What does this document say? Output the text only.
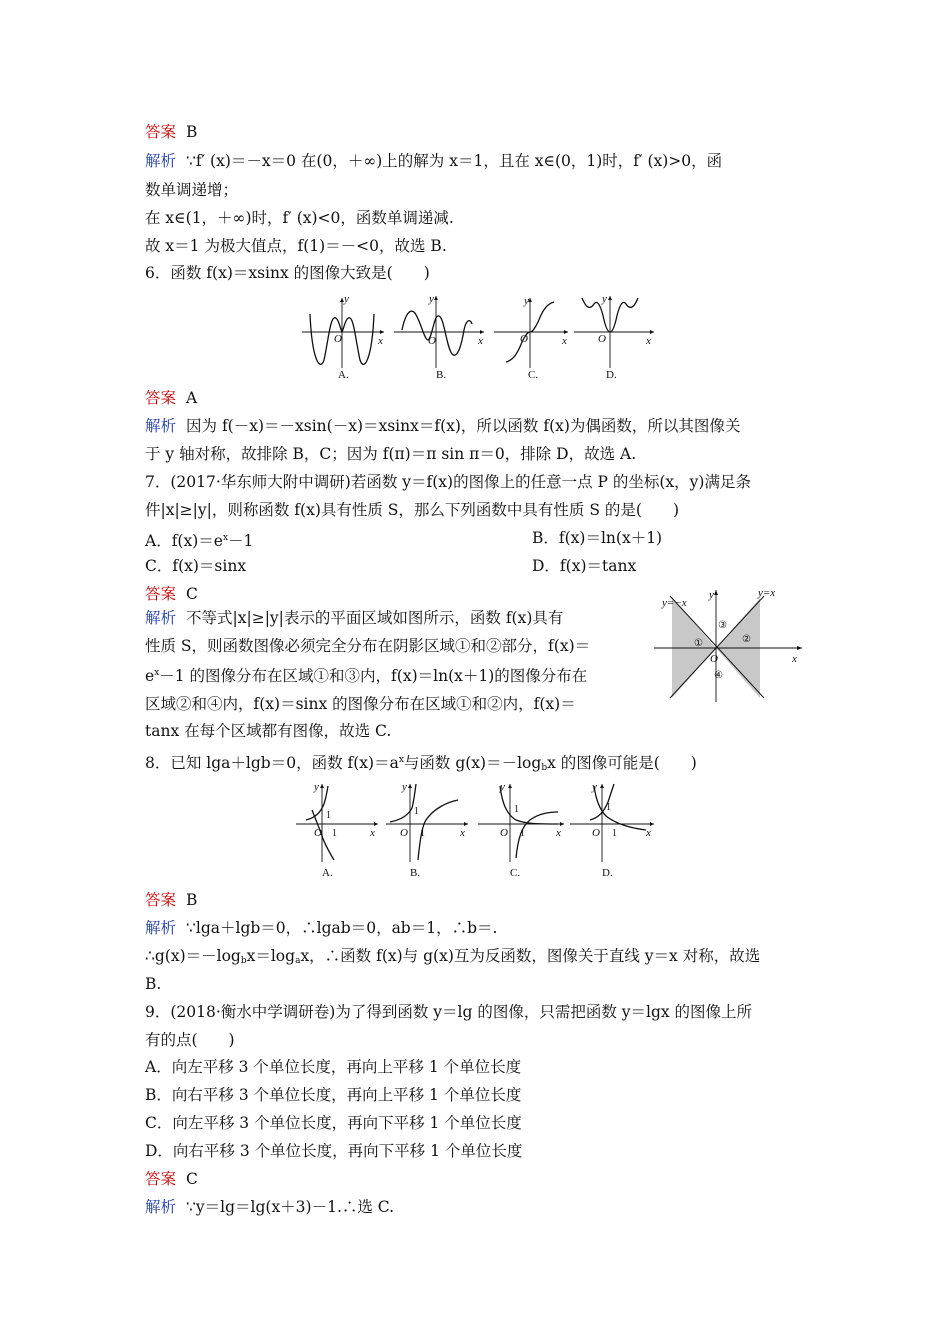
答案 B
解析 ∵f′ (x)＝－x＝0 在(0，＋∞)上的解为 x＝1，且在 x∈(0，1)时，f′ (x)>0，函
数单调递增；
在 x∈(1，＋∞)时，f′ (x)<0，函数单调递减.
故 x＝1 为极大值点，f(1)＝－<0，故选 B.
6．函数 f(x)＝xsinx 的图像大致是(　　)
y
x
O
A.
y
x
O
B.
y
x
O
C.
y
x
O
D.
答案 A
解析 因为 f(－x)＝－xsin(－x)＝xsinx＝f(x)，所以函数 f(x)为偶函数，所以其图像关
于 y 轴对称，故排除 B，C；因为 f(π)＝π sin π＝0，排除 D，故选 A.
7．(2017·华东师大附中调研)若函数 y＝f(x)的图像上的任意一点 P 的坐标(x，y)满足条
件|x|≥|y|，则称函数 f(x)具有性质 S，那么下列函数中具有性质 S 的是(　　)
A．$f(x)=e^x-1$	B．f(x)＝ln(x＋1)
C．f(x)＝sinx	D．f(x)＝tanx
答案 C
解析 不等式|x|≥|y|表示的平面区域如图所示，函数 f(x)具有
性质 S，则函数图像必须完全分布在阴影区域①和②部分，f(x)＝
$e^x-1$ 的图像分布在区域①和③内，f(x)＝ln(x＋1)的图像分布在
区域②和④内，f(x)＝sinx 的图像分布在区域①和②内，f(x)＝
tanx 在每个区域都有图像，故选 C.
y=−x
y=x
y
x
O
①	②
③
④
8．已知 lga＋lgb＝0，函数 $f(x)=a^x$与函数 $g(x)=-\log_bx$ 的图像可能是(　　)
y
x
O
1
1
A.
y
x
O
1
1
B.
y
x
O
1
1
C.
y
x
O
1
1
D.
答案 B
解析 ∵lga＋lgb＝0，∴lgab＝0，ab＝1，∴b＝.
$\therefore g(x)=-\log_bx=\log_ax$，∴函数 f(x)与 g(x)互为反函数，图像关于直线 y＝x 对称，故选
B.
9．(2018·衡水中学调研卷)为了得到函数 y＝lg 的图像，只需把函数 y＝lgx 的图像上所
有的点(　　)
A．向左平移 3 个单位长度，再向上平移 1 个单位长度
B．向右平移 3 个单位长度，再向上平移 1 个单位长度
C．向左平移 3 个单位长度，再向下平移 1 个单位长度
D．向右平移 3 个单位长度，再向下平移 1 个单位长度
答案 C
解析 ∵y＝lg＝lg(x＋3)－1.∴选 C.
